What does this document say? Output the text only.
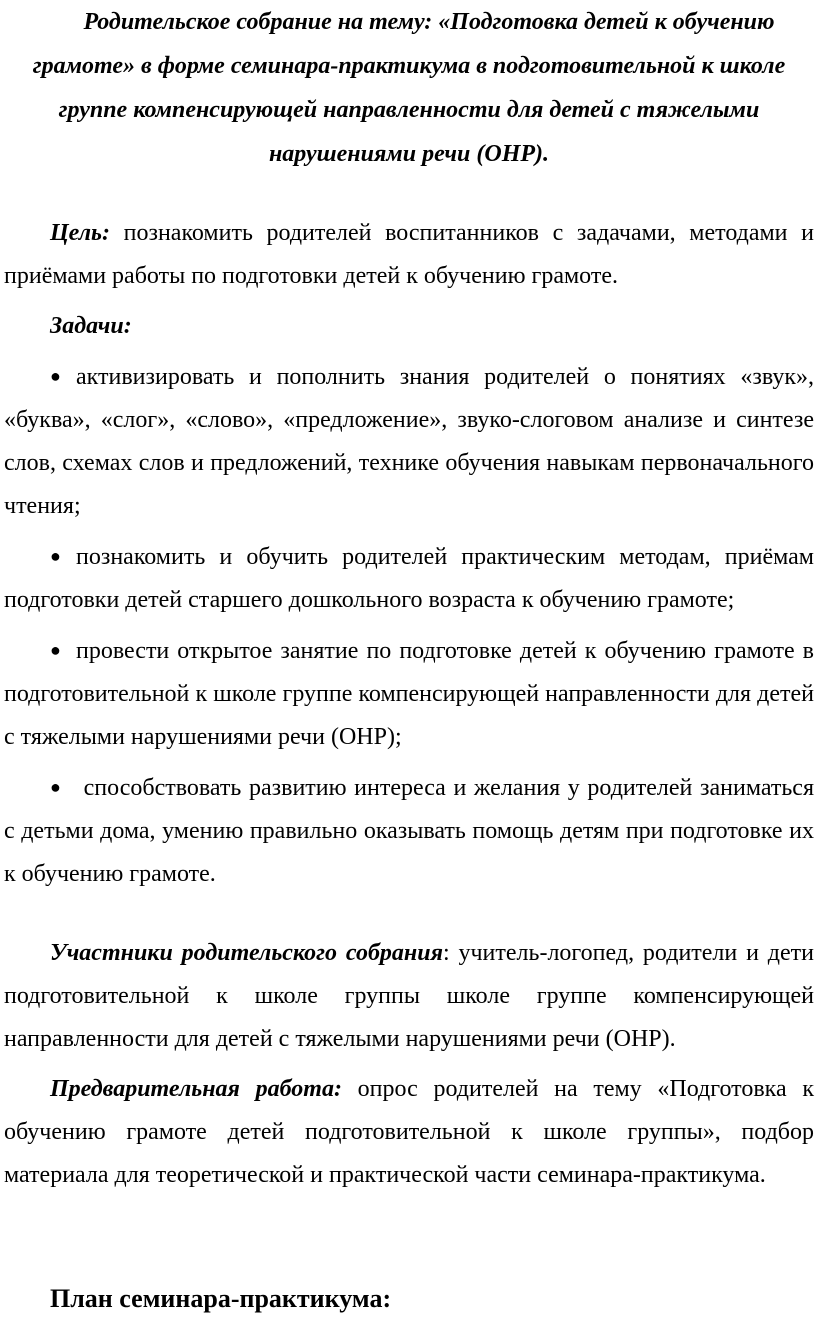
Родительское собрание на тему: «Подготовка детей к обучению грамоте» в форме семинара-практикума в подготовительной к школе группе компенсирующей направленности для детей с тяжелыми нарушениями речи (ОНР).

Цель: познакомить родителей воспитанников с задачами, методами и приёмами работы по подготовки детей к обучению грамоте.

Задачи:

● активизировать и пополнить знания родителей о понятиях «звук», «буква», «слог», «слово», «предложение», звуко-слоговом анализе и синтезе слов, схемах слов и предложений, технике обучения навыкам первоначального чтения;

● познакомить и обучить родителей практическим методам, приёмам подготовки детей старшего дошкольного возраста к обучению грамоте;

● провести открытое занятие по подготовке детей к обучению грамоте в подготовительной к школе группе компенсирующей направленности для детей с тяжелыми нарушениями речи (ОНР);

● способствовать развитию интереса и желания у родителей заниматься с детьми дома, умению правильно оказывать помощь детям при подготовке их к обучению грамоте.

Участники родительского собрания: учитель-логопед, родители и дети подготовительной к школе группы школе группе компенсирующей направленности для детей с тяжелыми нарушениями речи (ОНР).

Предварительная работа: опрос родителей на тему «Подготовка к обучению грамоте детей подготовительной к школе группы», подбор материала для теоретической и практической части семинара-практикума.

План семинара-практикума:
